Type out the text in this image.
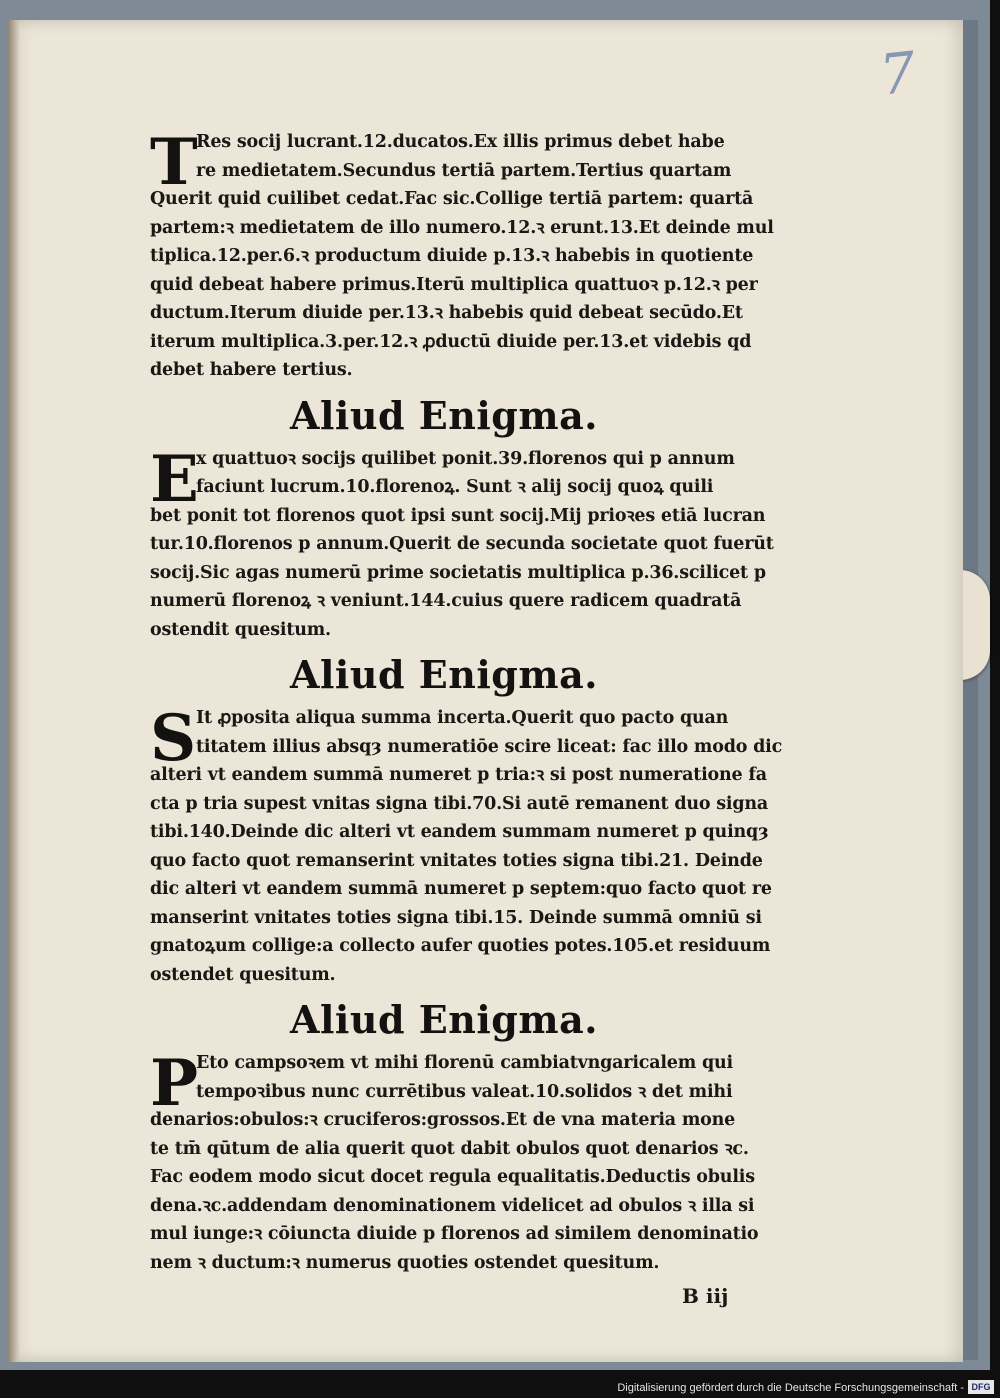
7
T
Res socij lucrant.12.ducatos.Ex illis primus debet habe
re medietatem.Secundus tertiā partem.Tertius quartam
Querit quid cuilibet cedat.Fac sic.Collige tertiā partem: quartā
partem:ꝛ medietatem de illo numero.12.ꝛ erunt.13.Et deinde mul
tiplica.12.per.6.ꝛ productum diuide p.13.ꝛ habebis in quotiente
quid debeat habere primus.Iterū multiplica quattuoꝛ p.12.ꝛ per
ductum.Iterum diuide per.13.ꝛ habebis quid debeat secūdo.Et
iterum multiplica.3.per.12.ꝛ ꝓductū diuide per.13.et videbis qd
debet habere tertius.
Aliud Enigma.
E
x quattuoꝛ socijs quilibet ponit.39.florenos qui p annum
faciunt lucrum.10.florenoꝝ. Sunt ꝛ alij socij quoꝝ quili
bet ponit tot florenos quot ipsi sunt socij.Mij prioꝛes etiā lucran
tur.10.florenos p annum.Querit de secunda societate quot fuerūt
socij.Sic agas numerū prime societatis multiplica p.36.scilicet p
numerū florenoꝝ ꝛ veniunt.144.cuius quere radicem quadratā
ostendit quesitum.
Aliud Enigma.
S It ꝓposita aliqua summa incerta.Querit quo pacto quan
titatem illius absqȝ numeratiōe scire liceat: fac illo modo dic
alteri vt eandem summā numeret p tria:ꝛ si post numeratione fa
cta p tria supest vnitas signa tibi.70.Si autē remanent duo signa
tibi.140.Deinde dic alteri vt eandem summam numeret p quinqȝ
quo facto quot remanserint vnitates toties signa tibi.21. Deinde
dic alteri vt eandem summā numeret p septem:quo facto quot re
manserint vnitates toties signa tibi.15. Deinde summā omniū si
gnatoꝝum collige:a collecto aufer quoties potes.105.et residuum
ostendet quesitum.
Aliud Enigma.
P
Eto campsoꝛem vt mihi florenū cambiatvngaricalem qui
tempoꝛibus nunc currētibus valeat.10.solidos ꝛ det mihi
denarios:obulos:ꝛ cruciferos:grossos.Et de vna materia mone
te tm̄ qūtum de alia querit quot dabit obulos quot denarios ꝛc.
Fac eodem modo sicut docet regula equalitatis.Deductis obulis
dena.ꝛc.addendam denominationem videlicet ad obulos ꝛ illa si
mul iunge:ꝛ cōiuncta diuide p florenos ad similem denominatio
nem ꝛ ductum:ꝛ numerus quoties ostendet quesitum.
B iij
Digitalisierung gefördert durch die Deutsche Forschungsgemeinschaft - DFG
